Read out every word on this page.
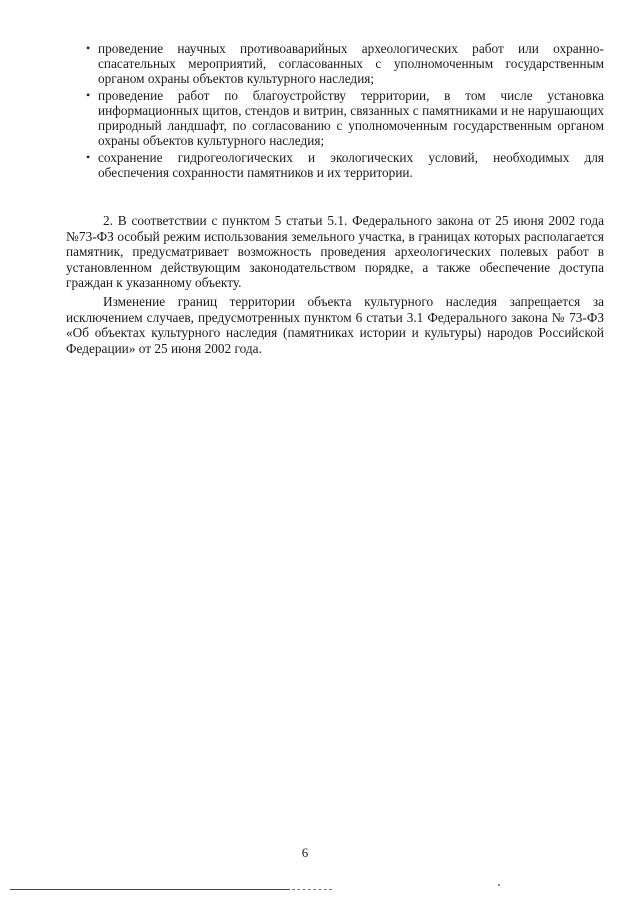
• проведение научных противоаварийных археологических работ или охранно-спасательных мероприятий, согласованных с уполномоченным государственным органом охраны объектов культурного наследия;
• проведение работ по благоустройству территории, в том числе установка информационных щитов, стендов и витрин, связанных с памятниками и не нарушающих природный ландшафт, по согласованию с уполномоченным государственным органом охраны объектов культурного наследия;
• сохранение гидрогеологических и экологических условий, необходимых для обеспечения сохранности памятников и их территории.

2. В соответствии с пунктом 5 статьи 5.1. Федерального закона от 25 июня 2002 года №73-ФЗ особый режим использования земельного участка, в границах которых располагается памятник, предусматривает возможность проведения археологических полевых работ в установленном действующим законодательством порядке, а также обеспечение доступа граждан к указанному объекту.

Изменение границ территории объекта культурного наследия запрещается за исключением случаев, предусмотренных пунктом 6 статьи 3.1 Федерального закона № 73-ФЗ «Об объектах культурного наследия (памятниках истории и культуры) народов Российской Федерации» от 25 июня 2002 года.

6
